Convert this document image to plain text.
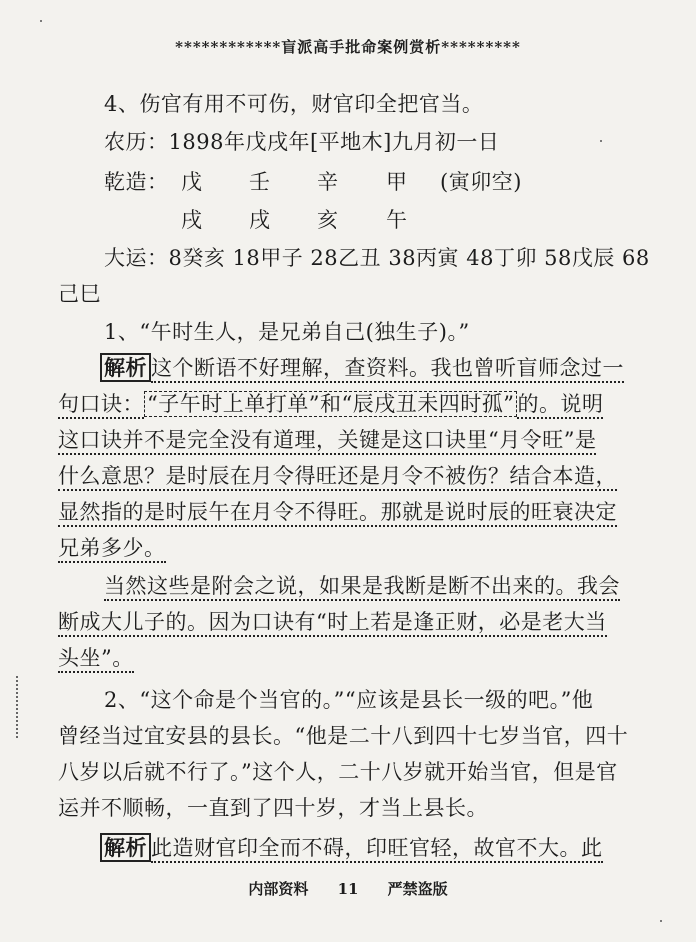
************盲派高手批命案例赏析*********
4、伤官有用不可伤，财官印全把官当。
农历：1898年戊戌年[平地木]九月初一日
乾造： 戊 壬 辛 甲 (寅卯空)
戌 戌 亥 午
大运：8癸亥 18甲子 28乙丑 38丙寅 48丁卯 58戊辰 68
己巳
1、“午时生人，是兄弟自己(独生子)。”
解析 这个断语不好理解，查资料。我也曾听盲师念过一
句口诀： “子午时上单打单”和“辰戌丑未四时孤” 的。说明
这口诀并不是完全没有道理，关键是这口诀里“月令旺”是
什么意思？是时辰在月令得旺还是月令不被伤？结合本造，
显然指的是时辰午在月令不得旺。那就是说时辰的旺衰决定
兄弟多少。
当然这些是附会之说，如果是我断是断不出来的。我会
断成大儿子的。因为口诀有“时上若是逢正财，必是老大当
头坐”。
2、“这个命是个当官的。”“应该是县长一级的吧。”他
曾经当过宜安县的县长。“他是二十八到四十七岁当官，四十
八岁以后就不行了。”这个人，二十八岁就开始当官，但是官
运并不顺畅，一直到了四十岁，才当上县长。
解析 此造财官印全而不碍，印旺官轻，故官不大。此
内部资料 11 严禁盗版
